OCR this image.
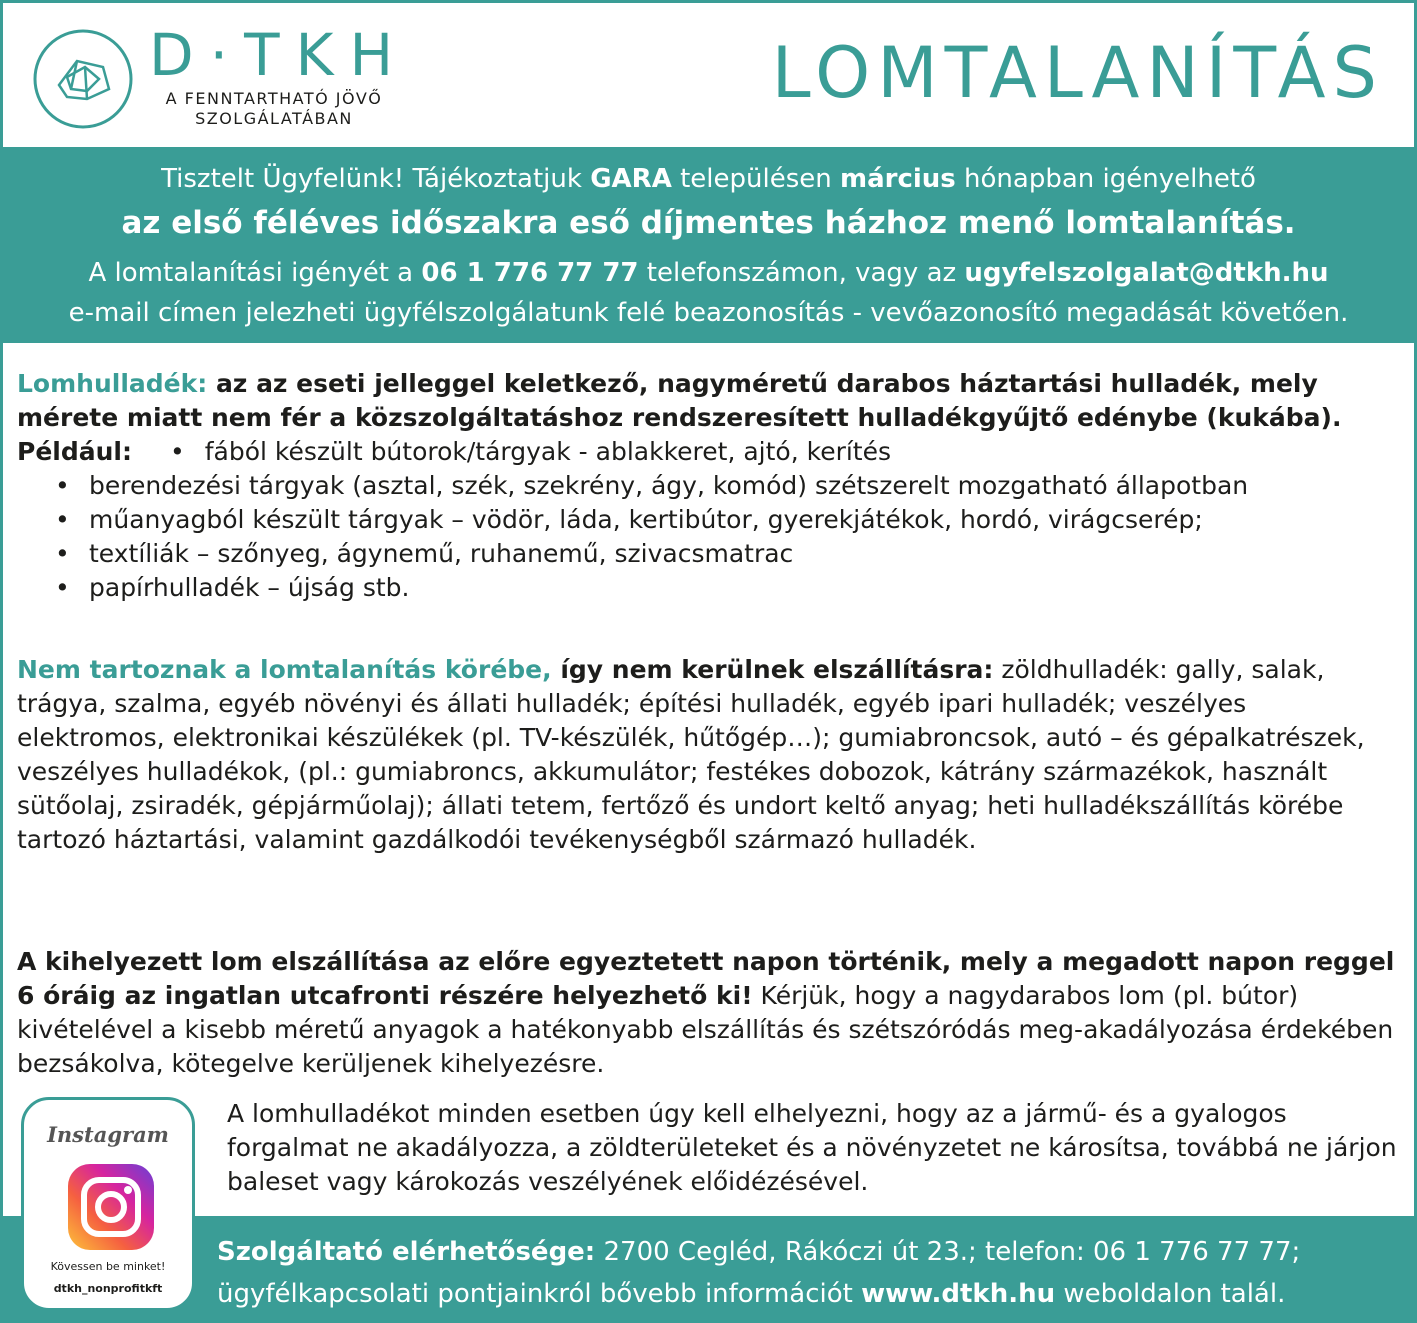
D·TKH
A FENNTARTHATÓ JÖVŐ
SZOLGÁLATÁBAN
LOMTALANÍTÁS
Tisztelt Ügyfelünk! Tájékoztatjuk GARA településen március hónapban igényelhető
az első féléves időszakra eső díjmentes házhoz menő lomtalanítás.
A lomtalanítási igényét a 06 1 776 77 77 telefonszámon, vagy az ugyfelszolgalat@dtkh.hu
e-mail címen jelezheti ügyfélszolgálatunk felé beazonosítás - vevőazonosító megadását követően.
Lomhulladék: az az eseti jelleggel keletkező, nagyméretű darabos háztartási hulladék, mely mérete miatt nem fér a közszolgáltatáshoz rendszeresített hulladékgyűjtő edénybe (kukába).
Például: • fából készült bútorok/tárgyak - ablakkeret, ajtó, kerítés
• berendezési tárgyak (asztal, szék, szekrény, ágy, komód) szétszerelt mozgatható állapotban
• műanyagból készült tárgyak – vödör, láda, kertibútor, gyerekjátékok, hordó, virágcserép;
• textíliák – szőnyeg, ágynemű, ruhanemű, szivacsmatrac
• papírhulladék – újság stb.
Nem tartoznak a lomtalanítás körébe, így nem kerülnek elszállításra: zöldhulladék: gally, salak, trágya, szalma, egyéb növényi és állati hulladék; építési hulladék, egyéb ipari hulladék; veszélyes elektromos, elektronikai készülékek (pl. TV-készülék, hűtőgép…); gumiabroncsok, autó – és gépalkatrészek, veszélyes hulladékok, (pl.: gumiabroncs, akkumulátor; festékes dobozok, kátrány származékok, használt sütőolaj, zsiradék, gépjárműolaj); állati tetem, fertőző és undort keltő anyag; heti hulladékszállítás körébe tartozó háztartási, valamint gazdálkodói tevékenységből származó hulladék.
A kihelyezett lom elszállítása az előre egyeztetett napon történik, mely a megadott napon reggel 6 óráig az ingatlan utcafronti részére helyezhető ki! Kérjük, hogy a nagydarabos lom (pl. bútor) kivételével a kisebb méretű anyagok a hatékonyabb elszállítás és szétszóródás meg-akadályozása érdekében bezsákolva, kötegelve kerüljenek kihelyezésre.
A lomhulladékot minden esetben úgy kell elhelyezni, hogy az a jármű- és a gyalogos forgalmat ne akadályozza, a zöldterületeket és a növényzetet ne károsítsa, továbbá ne járjon baleset vagy károkozás veszélyének előidézésével.
Szolgáltató elérhetősége: 2700 Cegléd, Rákóczi út 23.; telefon: 06 1 776 77 77;
ügyfélkapcsolati pontjainkról bővebb információt www.dtkh.hu weboldalon talál.
Instagram
Kövessen be minket!
dtkh_nonprofitkft
